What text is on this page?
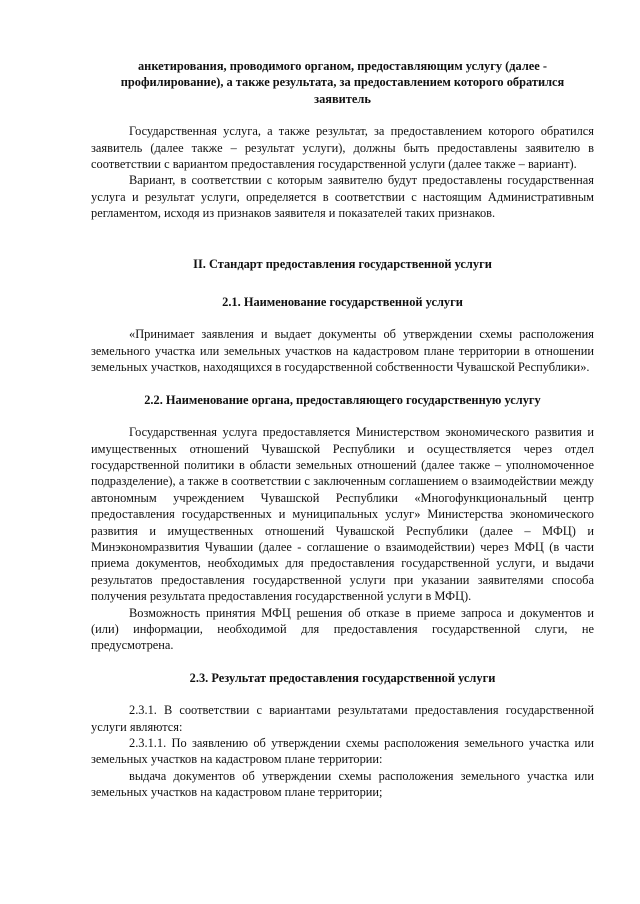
анкетирования, проводимого органом, предоставляющим услугу (далее - профилирование), а также результата, за предоставлением которого обратился заявитель

Государственная услуга, а также результат, за предоставлением которого обратился заявитель (далее также – результат услуги), должны быть предоставлены заявителю в соответствии с вариантом предоставления государственной услуги (далее также – вариант).

Вариант, в соответствии с которым заявителю будут предоставлены государственная услуга и результат услуги, определяется в соответствии с настоящим Административным регламентом, исходя из признаков заявителя и показателей таких признаков.

II. Стандарт предоставления государственной услуги

2.1. Наименование государственной услуги

«Принимает заявления и выдает документы об утверждении схемы расположения земельного участка или земельных участков на кадастровом плане территории в отношении земельных участков, находящихся в государственной собственности Чувашской Республики».

2.2. Наименование органа, предоставляющего государственную услугу

Государственная услуга предоставляется Министерством экономического развития и имущественных отношений Чувашской Республики и осуществляется через отдел государственной политики в области земельных отношений (далее также – уполномоченное подразделение), а также в соответствии с заключенным соглашением о взаимодействии между автономным учреждением Чувашской Республики «Многофункциональный центр предоставления государственных и муниципальных услуг» Министерства экономического развития и имущественных отношений Чувашской Республики (далее – МФЦ) и Минэкономразвития Чувашии (далее - соглашение о взаимодействии) через МФЦ (в части приема документов, необходимых для предоставления государственной услуги, и выдачи результатов предоставления государственной услуги при указании заявителями способа получения результата предоставления государственной услуги в МФЦ).

Возможность принятия МФЦ решения об отказе в приеме запроса и документов и (или) информации, необходимой для предоставления государственной слуги, не предусмотрена.

2.3. Результат предоставления государственной услуги

2.3.1. В соответствии с вариантами результатами предоставления государственной услуги являются:

2.3.1.1. По заявлению об утверждении схемы расположения земельного участка или земельных участков на кадастровом плане территории:

выдача документов об утверждении схемы расположения земельного участка или земельных участков на кадастровом плане территории;
